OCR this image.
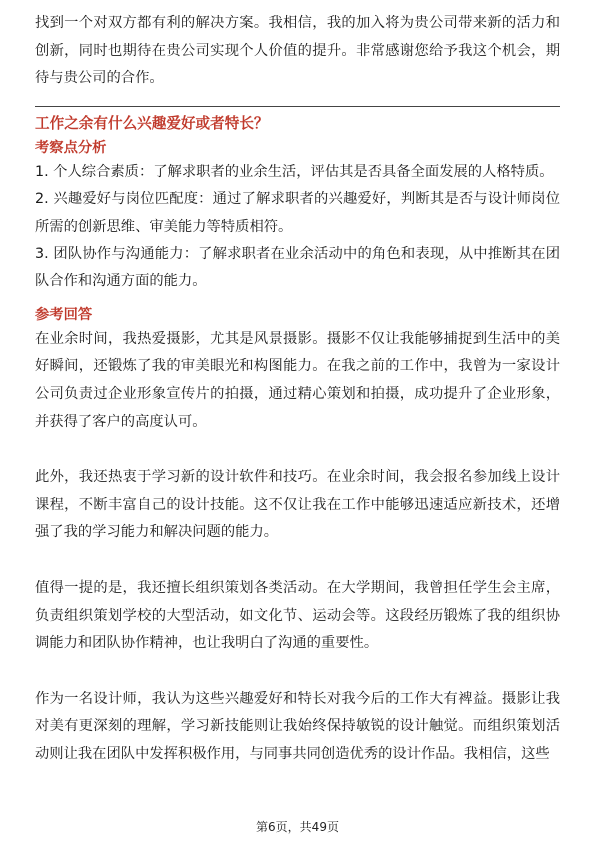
找到一个对双方都有利的解决方案。我相信，我的加入将为贵公司带来新的活力和创新，同时也期待在贵公司实现个人价值的提升。非常感谢您给予我这个机会，期待与贵公司的合作。

工作之余有什么兴趣爱好或者特长？

考察点分析

1. 个人综合素质：了解求职者的业余生活，评估其是否具备全面发展的人格特质。

2. 兴趣爱好与岗位匹配度：通过了解求职者的兴趣爱好，判断其是否与设计师岗位所需的创新思维、审美能力等特质相符。

3. 团队协作与沟通能力：了解求职者在业余活动中的角色和表现，从中推断其在团队合作和沟通方面的能力。

参考回答

在业余时间，我热爱摄影，尤其是风景摄影。摄影不仅让我能够捕捉到生活中的美好瞬间，还锻炼了我的审美眼光和构图能力。在我之前的工作中，我曾为一家设计公司负责过企业形象宣传片的拍摄，通过精心策划和拍摄，成功提升了企业形象，并获得了客户的高度认可。

此外，我还热衷于学习新的设计软件和技巧。在业余时间，我会报名参加线上设计课程，不断丰富自己的设计技能。这不仅让我在工作中能够迅速适应新技术，还增强了我的学习能力和解决问题的能力。

值得一提的是，我还擅长组织策划各类活动。在大学期间，我曾担任学生会主席，负责组织策划学校的大型活动，如文化节、运动会等。这段经历锻炼了我的组织协调能力和团队协作精神，也让我明白了沟通的重要性。

作为一名设计师，我认为这些兴趣爱好和特长对我今后的工作大有裨益。摄影让我对美有更深刻的理解，学习新技能则让我始终保持敏锐的设计触觉。而组织策划活动则让我在团队中发挥积极作用，与同事共同创造优秀的设计作品。我相信，这些

第6页，共49页
